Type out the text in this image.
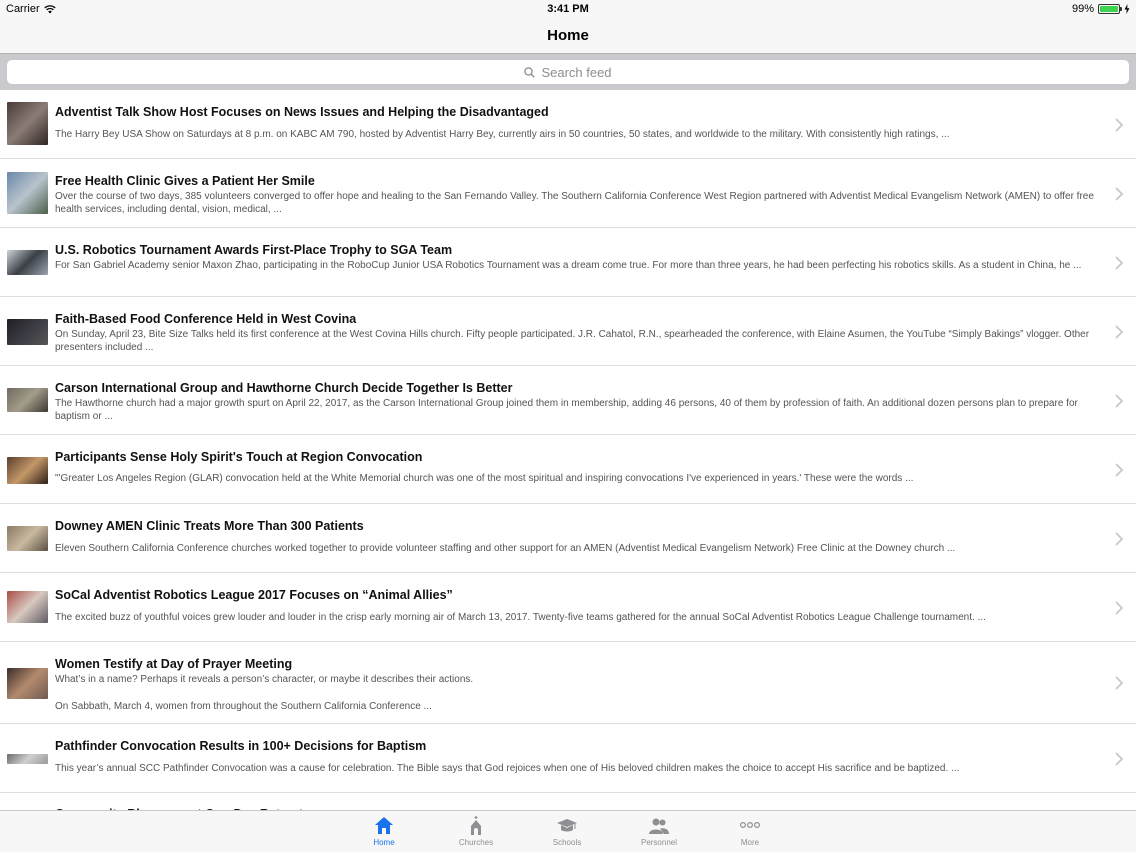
Carrier	3:41 PM	99%
Home
Search feed
Adventist Talk Show Host Focuses on News Issues and Helping the Disadvantaged
The Harry Bey USA Show on Saturdays at 8 p.m. on KABC AM 790, hosted by Adventist Harry Bey, currently airs in 50 countries, 50 states, and worldwide to the military. With consistently high ratings, ...
Free Health Clinic Gives a Patient Her Smile
Over the course of two days, 385 volunteers converged to offer hope and healing to the San Fernando Valley. The Southern California Conference West Region partnered with Adventist Medical Evangelism Network (AMEN) to offer free health services, including dental, vision, medical, ...
U.S. Robotics Tournament Awards First-Place Trophy to SGA Team
For San Gabriel Academy senior Maxon Zhao, participating in the RoboCup Junior USA Robotics Tournament was a dream come true. For more than three years, he had been perfecting his robotics skills. As a student in China, he ...
Faith-Based Food Conference Held in West Covina
On Sunday, April 23, Bite Size Talks held its first conference at the West Covina Hills church. Fifty people participated. J.R. Cahatol, R.N., spearheaded the conference, with Elaine Asumen, the YouTube “Simply Bakings” vlogger. Other presenters included ...
Carson International Group and Hawthorne Church Decide Together Is Better
The Hawthorne church had a major growth spurt on April 22, 2017, as the Carson International Group joined them in membership, adding 46 persons, 40 of them by profession of faith. An additional dozen persons plan to prepare for baptism or ...
Participants Sense Holy Spirit's Touch at Region Convocation
"'Greater Los Angeles Region (GLAR) convocation held at the White Memorial church was one of the most spiritual and inspiring convocations I've experienced in years.' These were the words ...
Downey AMEN Clinic Treats More Than 300 Patients
Eleven Southern California Conference churches worked together to provide volunteer staffing and other support for an AMEN (Adventist Medical Evangelism Network) Free Clinic at the Downey church ...
SoCal Adventist Robotics League 2017 Focuses on “Animal Allies”
The excited buzz of youthful voices grew louder and louder in the crisp early morning air of March 13, 2017. Twenty-five teams gathered for the annual SoCal Adventist Robotics League Challenge tournament. ...
Women Testify at Day of Prayer Meeting
What’s in a name? Perhaps it reveals a person’s character, or maybe it describes their actions.
On Sabbath, March 4, women from throughout the Southern California Conference ...
Pathfinder Convocation Results in 100+ Decisions for Baptism
This year’s annual SCC Pathfinder Convocation was a cause for celebration. The Bible says that God rejoices when one of His beloved children makes the choice to accept His sacrifice and be baptized. ...
Home	Churches	Schools	Personnel	More
